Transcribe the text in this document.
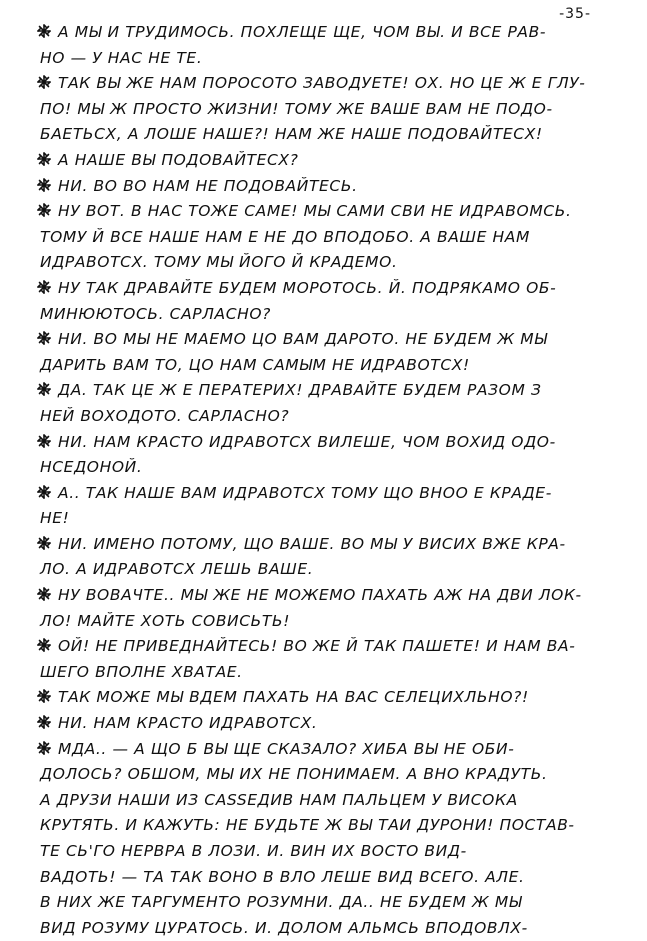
-35-
А МЫ И ТРУДИМОСЬ. ПОХЛЕЩЕ ЩЕ, ЧОМ ВЫ. И ВСЕ РАВ-
НО — У НАС НЕ ТЕ.
ТАК ВЫ ЖЕ НАМ ПОРОСОТО ЗАВОДУЕТЕ! ОХ. НО ЦЕ Ж Е ГЛУ-
ПО! МЫ Ж ПРОСТО ЖИЗНИ! ТОМУ ЖЕ ВАШЕ ВАМ НЕ ПОДО-
БАЕТЬСХ, А ЛОШЕ НАШЕ?! НАМ ЖЕ НАШЕ ПОДОВАЙТЕСХ!
А НАШЕ ВЫ ПОДОВАЙТЕСХ?
НИ. ВО ВО НАМ НЕ ПОДОВАЙТЕСЬ.
НУ ВОТ. В НАС ТОЖЕ САМЕ! МЫ САМИ СВИ НЕ ИДРАВОМСЬ.
ТОМУ Й ВСЕ НАШЕ НАМ Е НЕ ДО ВПОДОБО. А ВАШЕ НАМ
ИДРАВОТСХ. ТОМУ МЫ ЙОГО Й КРАДЕМО.
НУ ТАК ДРАВАЙТЕ БУДЕМ МОРОТОСЬ. Й. ПОДРЯКАМО ОБ-
МИНЮЮТОСЬ. САРЛАСНО?
НИ. ВО МЫ НЕ МАЕМО ЦО ВАМ ДАРОТО. НЕ БУДЕМ Ж МЫ
ДАРИТЬ ВАМ ТО, ЦО НАМ САМЫМ НЕ ИДРАВОТСХ!
ДА. ТАК ЦЕ Ж Е ПЕРАТЕРИХ! ДРАВАЙТЕ БУДЕМ РАЗОМ З
НЕЙ ВОХОДОТО. САРЛАСНО?
НИ. НАМ КРАСТО ИДРАВОТСХ ВИЛЕШЕ, ЧОМ ВОХИД ОДО-
НСЕДОНОЙ.
А.. ТАК НАШЕ ВАМ ИДРАВОТСХ ТОМУ ЩО ВНОО Е КРАДЕ-
НЕ!
НИ. ИМЕНО ПОТОМУ, ЩО ВАШЕ. ВО МЫ У ВИСИХ ВЖЕ КРА-
ЛО. А ИДРАВОТСХ ЛЕШЬ ВАШЕ.
НУ ВОВАЧТЕ.. МЫ ЖЕ НЕ МОЖЕМО ПАХАТЬ АЖ НА ДВИ ЛОК-
ЛО! МАЙТЕ ХОТЬ СОВИСЬТЬ!
ОЙ! НЕ ПРИВЕДНАЙТЕСЬ! ВО ЖЕ Й ТАК ПАШЕТЕ! И НАМ ВА-
ШЕГО ВПОЛНЕ ХВАТАЕ.
ТАК МОЖЕ МЫ ВДЕМ ПАХАТЬ НА ВАС СЕЛЕЦИХЛЬНО?!
НИ. НАМ КРАСТО ИДРАВОТСХ.
МДА.. — А ЩО Б ВЫ ЩЕ СКАЗАЛО? ХИБА ВЫ НЕ ОБИ-
ДОЛОСЬ? ОБШОМ, МЫ ИХ НЕ ПОНИМАЕМ. А ВНО КРАДУТЬ.
А ДРУЗИ НАШИ ИЗ СASSЕДИВ НАМ ПАЛЬЦЕМ У ВИСОКА
КРУТЯТЬ. И КАЖУТЬ: НЕ БУДЬТЕ Ж ВЫ ТАИ ДУРОНИ! ПОСТАВ-
ТЕ СЬ'ГО НЕРВРА В ЛОЗИ. И. ВИН ИХ ВОСТО ВИД-
ВАДОТЬ! — ТА ТАК ВОНО В ВЛО ЛЕШЕ ВИД ВСЕГО. АЛЕ.
В НИХ ЖЕ ТАРГУМЕНТО РОЗУМНИ. ДА.. НЕ БУДЕМ Ж МЫ
ВИД РОЗУМУ ЦУРАТОСЬ. И. ДОЛОМ АЛЬМСЬ ВПОДОВЛХ-
